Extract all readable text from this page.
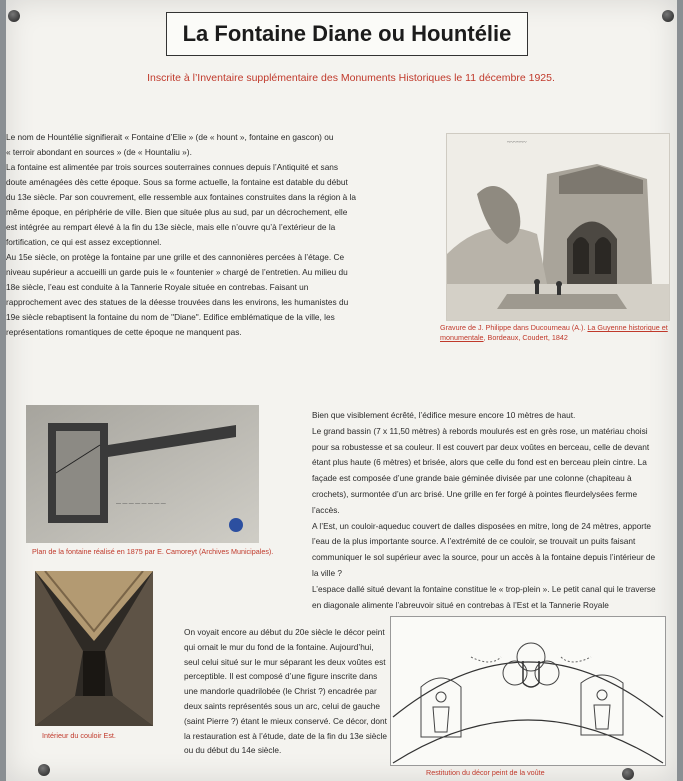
La Fontaine Diane ou Hountélie
Inscrite à l’Inventaire supplémentaire des Monuments Historiques le 11 décembre 1925.
Le nom de Hountélie signifierait « Fontaine d’Elie » (de « hount », fontaine en gascon) ou
« terroir abondant en sources » (de « Hountaliu »).
La fontaine est alimentée par trois sources souterraines connues depuis l’Antiquité et sans
doute aménagées dès cette époque. Sous sa forme actuelle, la fontaine est datable du début
du 13e siècle. Par son couvrement, elle ressemble aux fontaines construites dans la région à la
même époque, en périphérie de ville. Bien que située plus au sud, par un décrochement, elle
est intégrée au rempart élevé à la fin du 13e siècle, mais elle n’ouvre qu’à l’extérieur de la
fortification, ce qui est assez exceptionnel.
Au 15e siècle, on protège la fontaine par une grille et des cannonières percées à l’étage. Ce
niveau supérieur a accueilli un garde puis le « fountenier » chargé de l’entretien. Au milieu du
18e siècle, l’eau est conduite à la Tannerie Royale située en contrebas. Faisant un
rapprochement avec des statues de la déesse trouvées dans les environs, les humanistes du
19e siècle rebaptisent la fontaine du nom de "Diane". Edifice emblématique de la ville, les
représentations romantiques de cette époque ne manquent pas.
~~~~~~
Gravure de J. Philippe dans Ducourneau (A.). La Guyenne historique et monumentale, Bordeaux, Coudert, 1842
— — — — — — — —
Plan de la fontaine réalisé en 1875 par E. Camoreyt (Archives Municipales).
Bien que visiblement écrêté, l’édifice mesure encore 10 mètres de haut.
Le grand bassin (7 x 11,50 mètres) à rebords moulurés est en grès rose, un matériau choisi
pour sa robustesse et sa couleur. Il est couvert par deux voûtes en berceau, celle de devant
étant plus haute (6 mètres) et brisée, alors que celle du fond est en berceau plein cintre. La
façade est composée d’une grande baie géminée divisée par une colonne (chapiteau à
crochets), surmontée d’un arc brisé. Une grille en fer forgé à pointes fleurdelysées ferme
l’accès.
A l’Est, un couloir-aqueduc couvert de dalles disposées en mitre, long de 24 mètres, apporte
l’eau de la plus importante source. A l’extrémité de ce couloir, se trouvait un puits faisant
communiquer le sol supérieur avec la source, pour un accès à la fontaine depuis l’intérieur de
la ville ?
L’espace dallé situé devant la fontaine constitue le « trop-plein ». Le petit canal qui le traverse
en diagonale alimente l’abreuvoir situé en contrebas à l’Est et la Tannerie Royale
Intérieur du couloir Est.
On voyait encore au début du 20e siècle le décor peint
qui ornait le mur du fond de la fontaine. Aujourd’hui,
seul celui situé sur le mur séparant les deux voûtes est
perceptible. Il est composé d’une figure inscrite dans
une mandorle quadrilobée (le Christ ?) encadrée par
deux saints représentés sous un arc, celui de gauche
(saint Pierre ?) étant le mieux conservé. Ce décor, dont
la restauration est à l’étude, date de la fin du 13e siècle
ou du début du 14e siècle.
Restitution du décor peint de la voûte
